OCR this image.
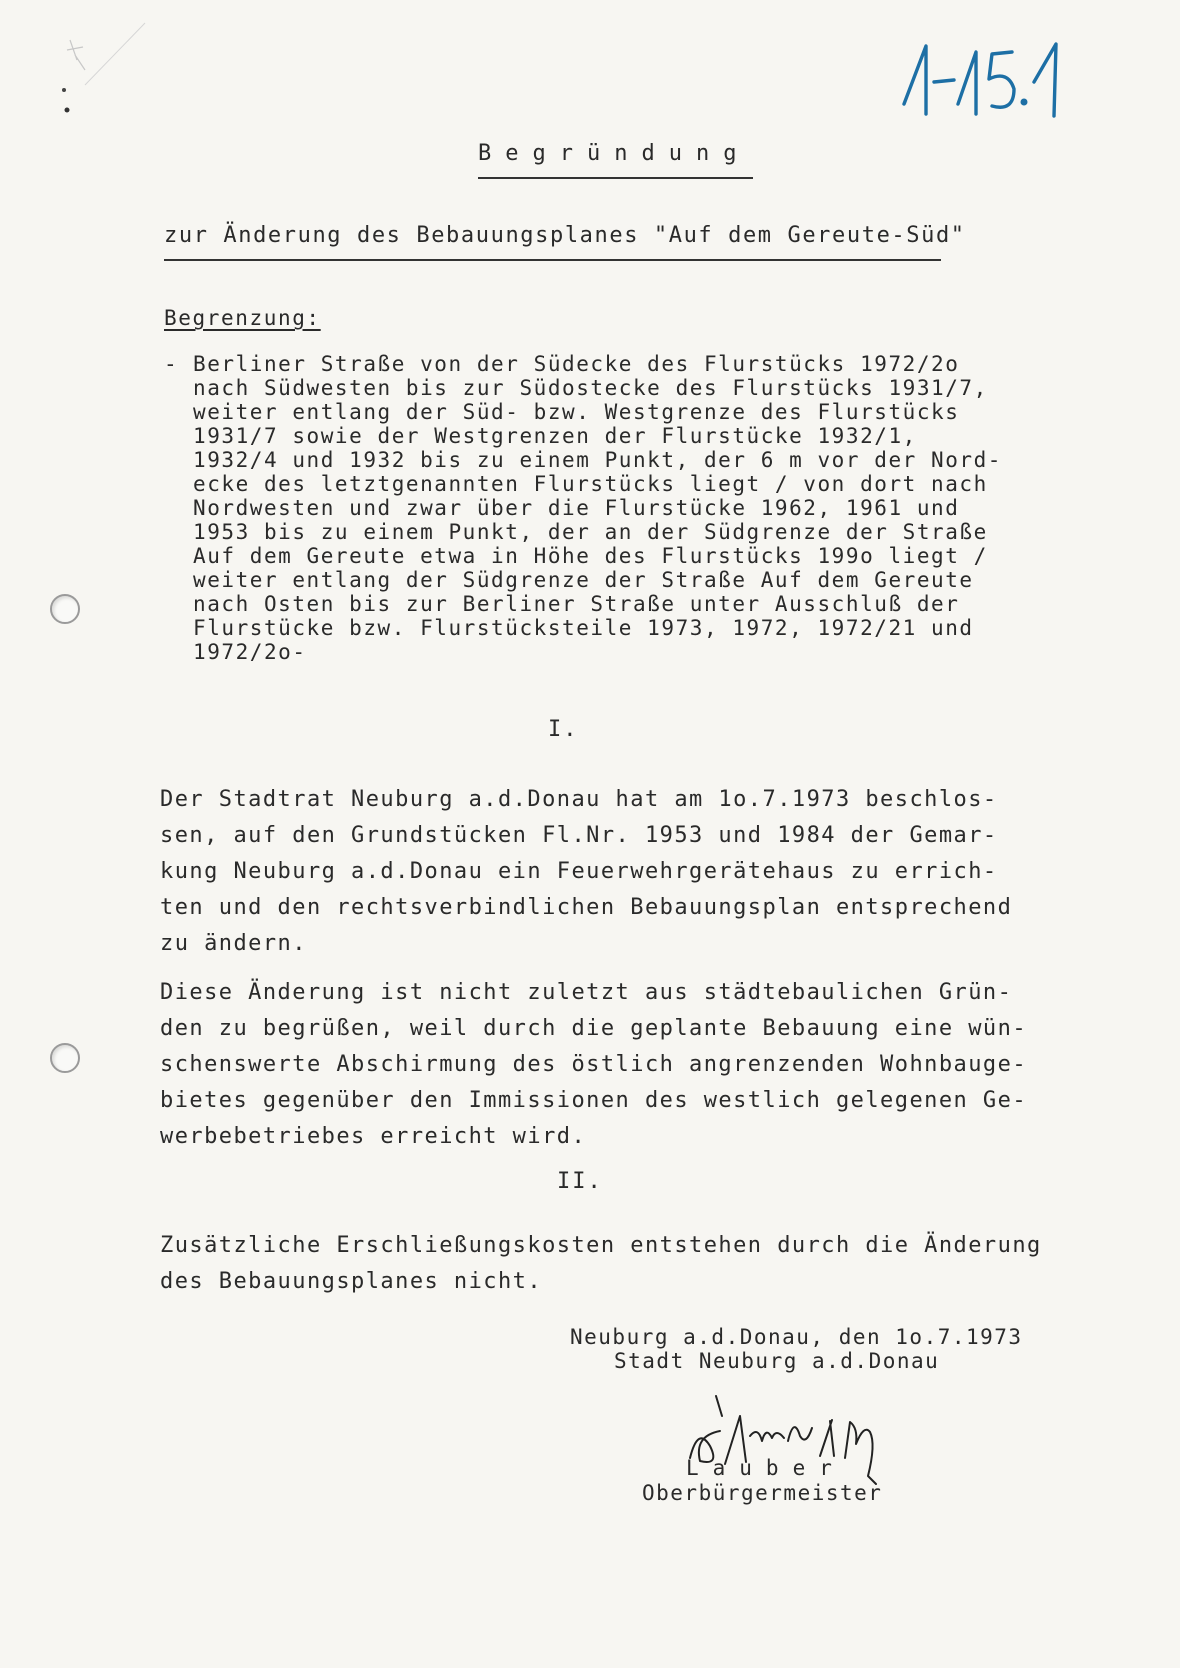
Begründung
zur Änderung des Bebauungsplanes "Auf dem Gereute-Süd"
Begrenzung:
- Berliner Straße von der Südecke des Flurstücks 1972/2o
nach Südwesten bis zur Südostecke des Flurstücks 1931/7,
weiter entlang der Süd- bzw. Westgrenze des Flurstücks
1931/7 sowie der Westgrenzen der Flurstücke 1932/1,
1932/4 und 1932 bis zu einem Punkt, der 6 m vor der Nord-
ecke des letztgenannten Flurstücks liegt / von dort nach
Nordwesten und zwar über die Flurstücke 1962, 1961 und
1953 bis zu einem Punkt, der an der Südgrenze der Straße
Auf dem Gereute etwa in Höhe des Flurstücks 199o liegt /
weiter entlang der Südgrenze der Straße Auf dem Gereute
nach Osten bis zur Berliner Straße unter Ausschluß der
Flurstücke bzw. Flurstücksteile 1973, 1972, 1972/21 und
1972/2o-
I.
Der Stadtrat Neuburg a.d.Donau hat am 1o.7.1973 beschlos-
sen, auf den Grundstücken Fl.Nr. 1953 und 1984 der Gemar-
kung Neuburg a.d.Donau ein Feuerwehrgerätehaus zu errich-
ten und den rechtsverbindlichen Bebauungsplan entsprechend
zu ändern.
Diese Änderung ist nicht zuletzt aus städtebaulichen Grün-
den zu begrüßen, weil durch die geplante Bebauung eine wün-
schenswerte Abschirmung des östlich angrenzenden Wohnbauge-
bietes gegenüber den Immissionen des westlich gelegenen Ge-
werbebetriebes erreicht wird.
II.
Zusätzliche Erschließungskosten entstehen durch die Änderung
des Bebauungsplanes nicht.
Neuburg a.d.Donau, den 1o.7.1973
Stadt Neuburg a.d.Donau
Lauber
Oberbürgermeister
